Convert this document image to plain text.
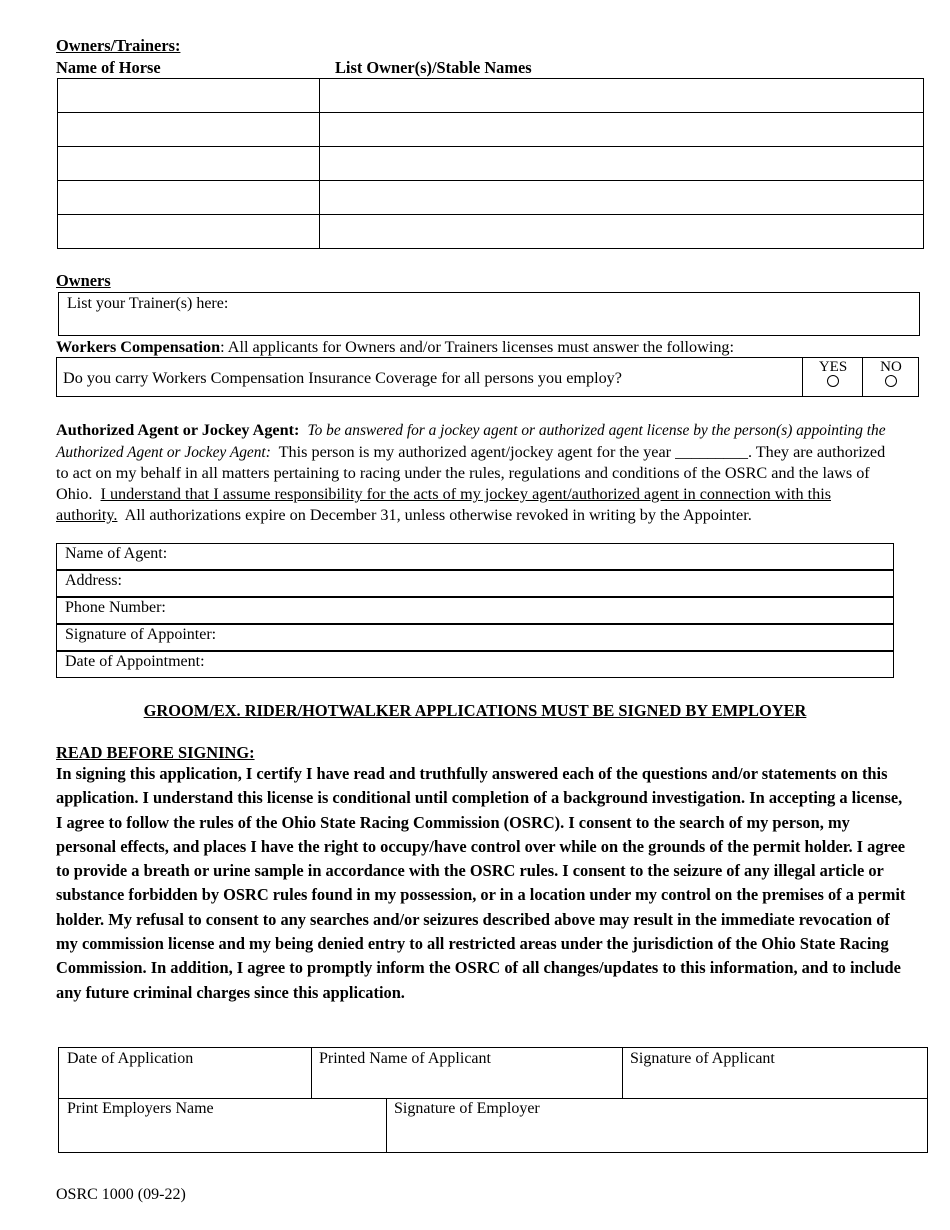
Owners/Trainers:
Name of Horse	List Owner(s)/Stable Names

Owners
List your Trainer(s) here:
Workers Compensation: All applicants for Owners and/or Trainers licenses must answer the following:
Do you carry Workers Compensation Insurance Coverage for all persons you employ?
YES	NO
Authorized Agent or Jockey Agent: To be answered for a jockey agent or authorized agent license by the person(s) appointing the Authorized Agent or Jockey Agent: This person is my authorized agent/jockey agent for the year _________. They are authorized to act on my behalf in all matters pertaining to racing under the rules, regulations and conditions of the OSRC and the laws of Ohio. I understand that I assume responsibility for the acts of my jockey agent/authorized agent in connection with this authority. All authorizations expire on December 31, unless otherwise revoked in writing by the Appointer.
Name of Agent:
Address:
Phone Number:
Signature of Appointer:
Date of Appointment:
GROOM/EX. RIDER/HOTWALKER APPLICATIONS MUST BE SIGNED BY EMPLOYER
READ BEFORE SIGNING:
In signing this application, I certify I have read and truthfully answered each of the questions and/or statements on this application. I understand this license is conditional until completion of a background investigation. In accepting a license, I agree to follow the rules of the Ohio State Racing Commission (OSRC). I consent to the search of my person, my personal effects, and places I have the right to occupy/have control over while on the grounds of the permit holder. I agree to provide a breath or urine sample in accordance with the OSRC rules. I consent to the seizure of any illegal article or substance forbidden by OSRC rules found in my possession, or in a location under my control on the premises of a permit holder. My refusal to consent to any searches and/or seizures described above may result in the immediate revocation of my commission license and my being denied entry to all restricted areas under the jurisdiction of the Ohio State Racing Commission. In addition, I agree to promptly inform the OSRC of all changes/updates to this information, and to include any future criminal charges since this application.
Date of Application	Printed Name of Applicant	Signature of Applicant
Print Employers Name	Signature of Employer
OSRC 1000 (09-22)
